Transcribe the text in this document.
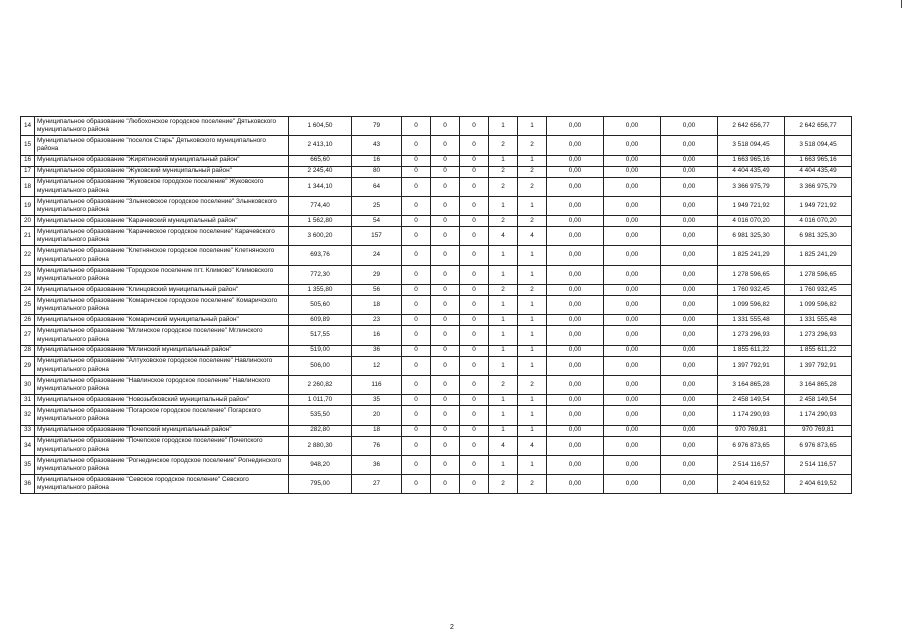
14	Муниципальное образование "Любохонское городское поселение" Дятьковского муниципального района	1 604,50	79	0	0	0	1	1	0,00	0,00	0,00	2 642 656,77	2 642 656,77
15	Муниципальное образование "поселок Старь" Дятьковского муниципального района	2 413,10	43	0	0	0	2	2	0,00	0,00	0,00	3 518 094,45	3 518 094,45
16	Муниципальное образование "Жирятинский муниципальный район"	665,60	16	0	0	0	1	1	0,00	0,00	0,00	1 663 965,16	1 663 965,16
17	Муниципальное образование "Жуковский муниципальный район"	2 245,40	80	0	0	0	2	2	0,00	0,00	0,00	4 404 435,49	4 404 435,49
18	Муниципальное образование "Жуковское городское поселение" Жуковского муниципального района	1 344,10	64	0	0	0	2	2	0,00	0,00	0,00	3 366 975,79	3 366 975,79
19	Муниципальное образование "Злынковское городское поселение" Злынковского муниципального района	774,40	25	0	0	0	1	1	0,00	0,00	0,00	1 949 721,92	1 949 721,92
20	Муниципальное образование "Карачевский муниципальный район"	1 562,80	54	0	0	0	2	2	0,00	0,00	0,00	4 016 070,20	4 016 070,20
21	Муниципальное образование "Карачевское городское поселение" Карачевского муниципального района	3 600,20	157	0	0	0	4	4	0,00	0,00	0,00	6 981 325,30	6 981 325,30
22	Муниципальное образование "Клетнянское городское поселение" Клетнянского муниципального района	693,76	24	0	0	0	1	1	0,00	0,00	0,00	1 825 241,29	1 825 241,29
23	Муниципальное образование "Городское поселение пгт. Климово" Климовского муниципального района	772,30	29	0	0	0	1	1	0,00	0,00	0,00	1 278 596,65	1 278 596,65
24	Муниципальное образование "Клинцовский муниципальный район"	1 355,80	56	0	0	0	2	2	0,00	0,00	0,00	1 760 932,45	1 760 932,45
25	Муниципальное образование "Комаричское городское поселение" Комаричского муниципального района	505,60	18	0	0	0	1	1	0,00	0,00	0,00	1 099 596,82	1 099 596,82
26	Муниципальное образование "Комаричский муниципальный район"	609,89	23	0	0	0	1	1	0,00	0,00	0,00	1 331 555,48	1 331 555,48
27	Муниципальное образование "Мглинское городское поселение" Мглинского муниципального района	517,55	16	0	0	0	1	1	0,00	0,00	0,00	1 273 296,93	1 273 296,93
28	Муниципальное образование "Мглинский муниципальный район"	519,00	36	0	0	0	1	1	0,00	0,00	0,00	1 855 611,22	1 855 611,22
29	Муниципальное образование "Алтуховское городское поселение" Навлинского муниципального района	506,00	12	0	0	0	1	1	0,00	0,00	0,00	1 397 792,91	1 397 792,91
30	Муниципальное образование "Навлинское городское поселение" Навлинского муниципального района	2 260,82	116	0	0	0	2	2	0,00	0,00	0,00	3 164 865,28	3 164 865,28
31	Муниципальное образование "Новозыбковский муниципальный район"	1 011,70	35	0	0	0	1	1	0,00	0,00	0,00	2 458 149,54	2 458 149,54
32	Муниципальное образование "Погарское городское поселение" Погарского муниципального района	535,50	20	0	0	0	1	1	0,00	0,00	0,00	1 174 290,93	1 174 290,93
33	Муниципальное образование "Почепский муниципальный район"	282,80	18	0	0	0	1	1	0,00	0,00	0,00	970 769,81	970 769,81
34	Муниципальное образование "Почепское городское поселение" Почепского муниципального района	2 880,30	76	0	0	0	4	4	0,00	0,00	0,00	6 976 873,65	6 976 873,65
35	Муниципальное образование "Рогнединское городское поселение" Рогнединского муниципального района	948,20	36	0	0	0	1	1	0,00	0,00	0,00	2 514 116,57	2 514 116,57
36	Муниципальное образование "Севское городское поселение" Севского муниципального района	795,00	27	0	0	0	2	2	0,00	0,00	0,00	2 404 619,52	2 404 619,52
2
